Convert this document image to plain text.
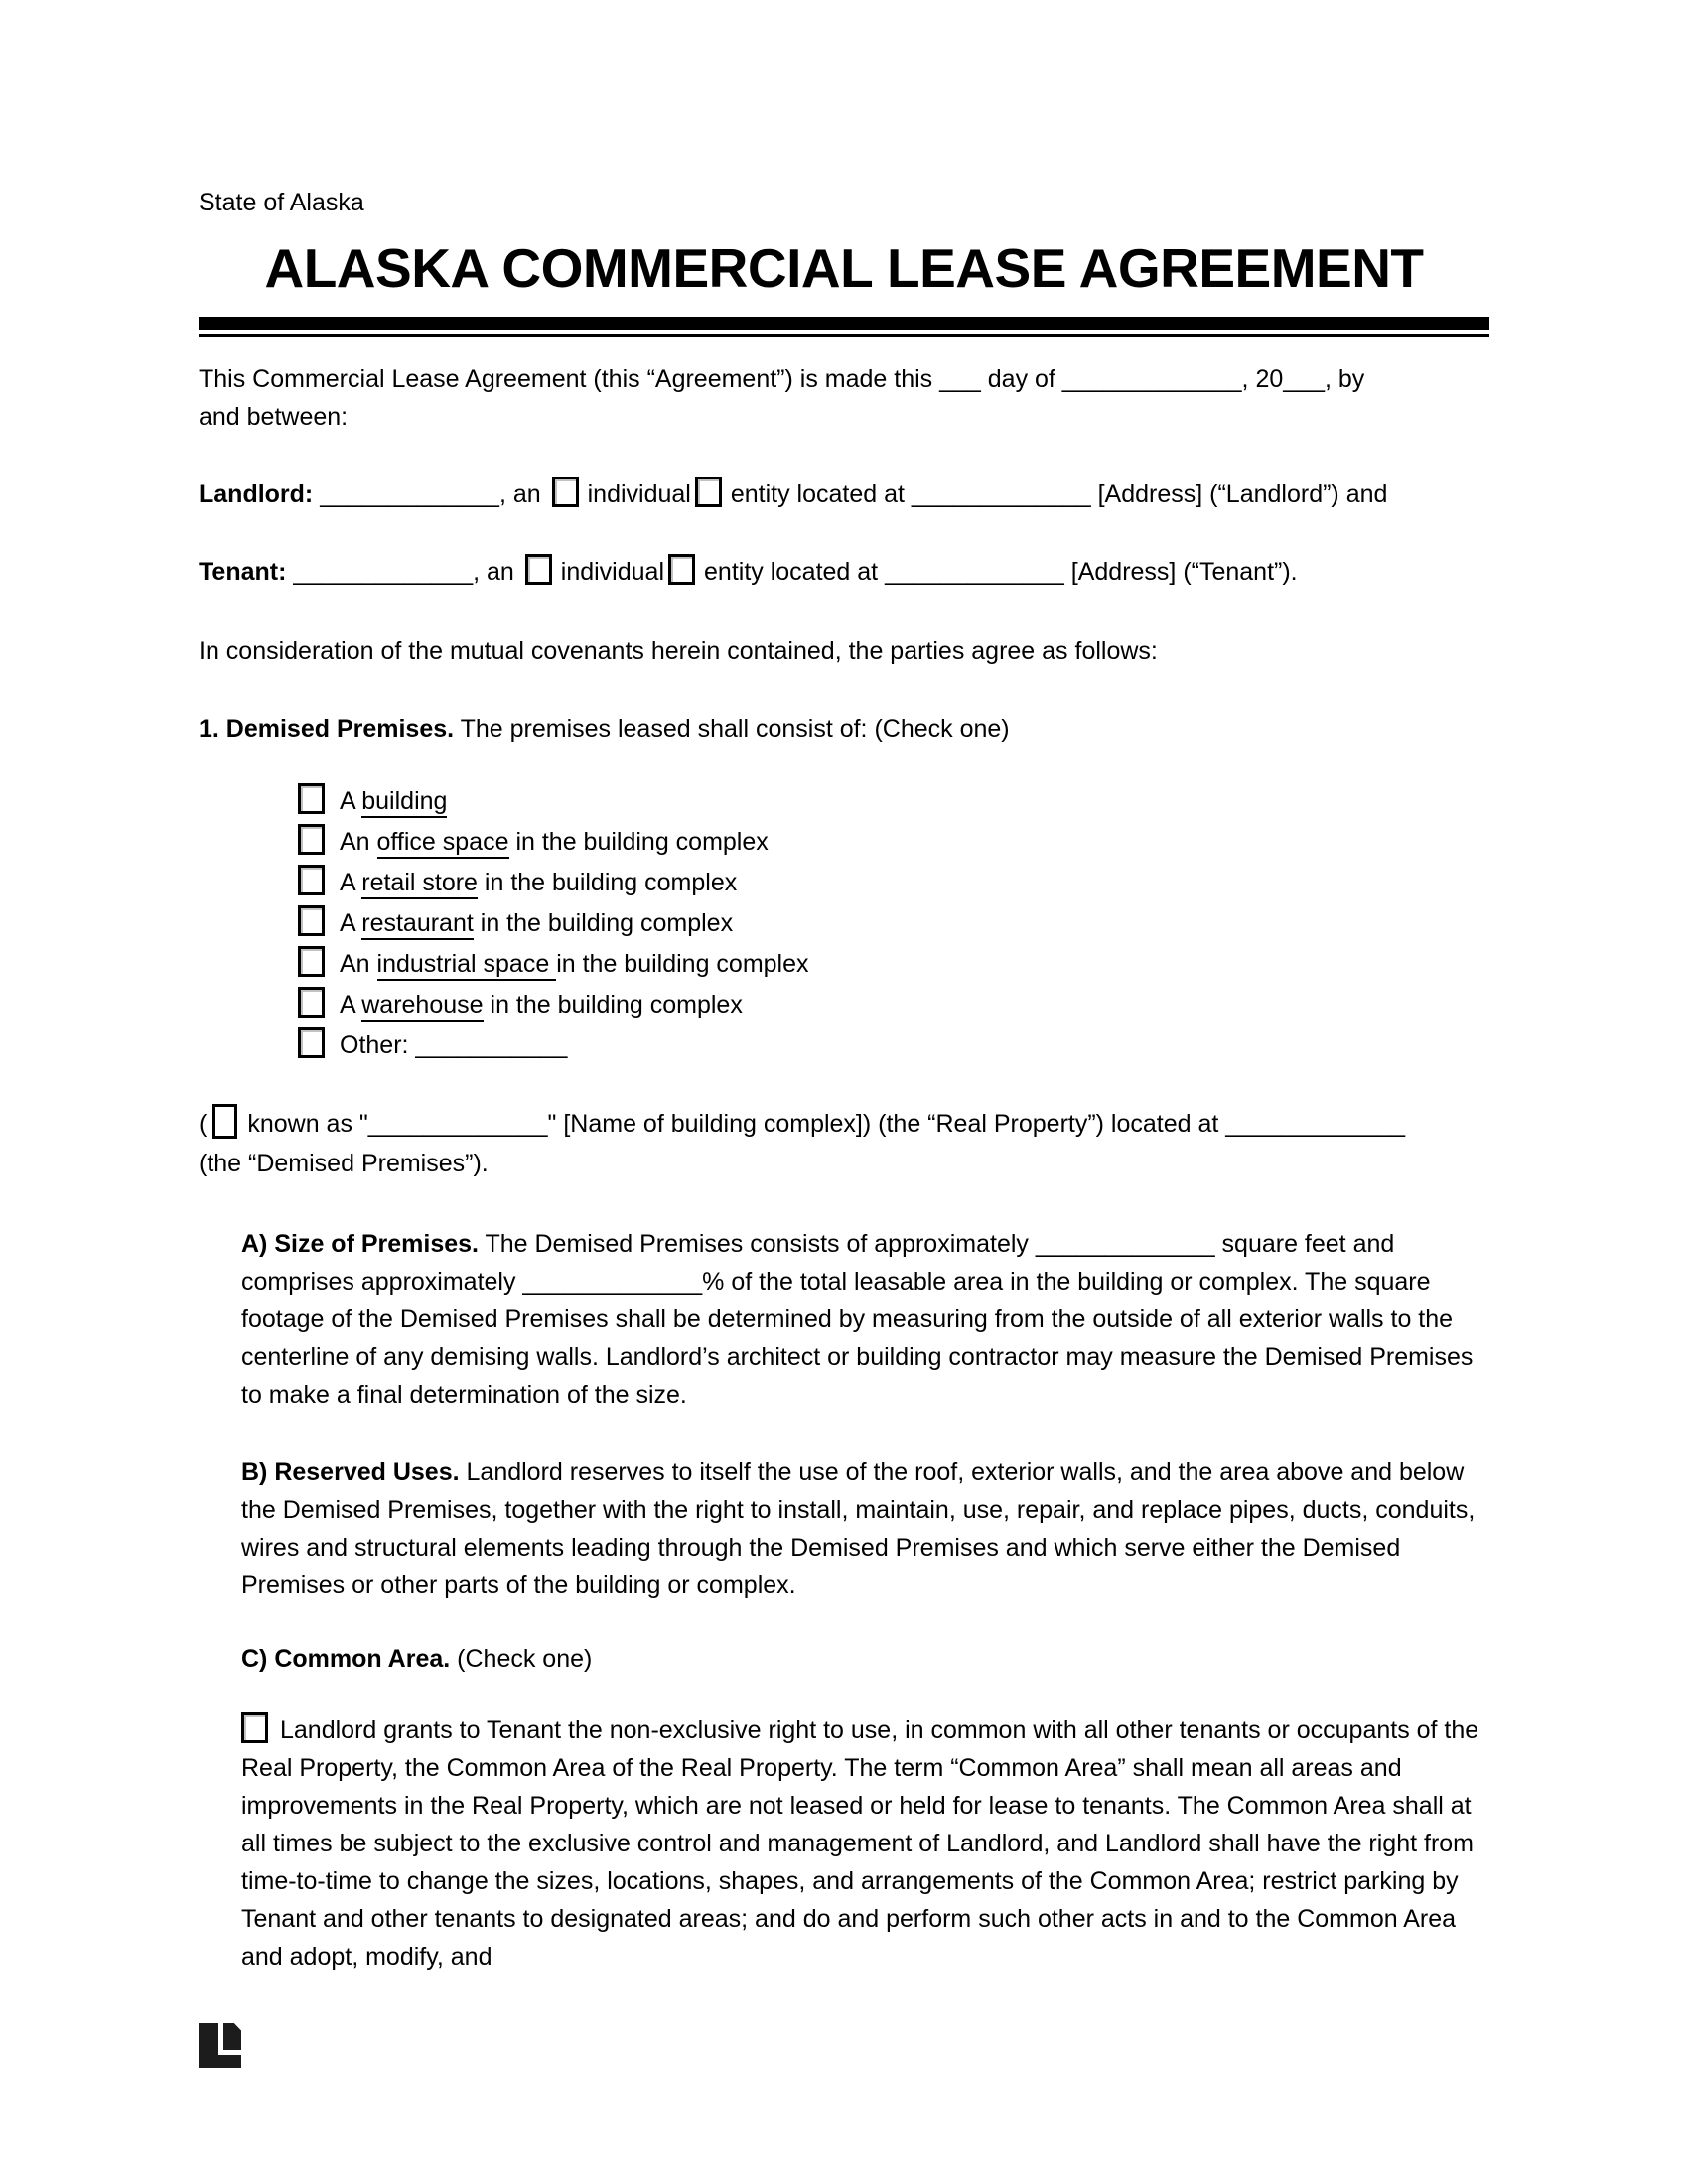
State of Alaska
ALASKA COMMERCIAL LEASE AGREEMENT

This Commercial Lease Agreement (this “Agreement”) is made this ___ day of _____________, 20___, by
and between:

Landlord: _____________, an individual entity located at _____________ [Address] (“Landlord”) and

Tenant: _____________, an individual entity located at _____________ [Address] (“Tenant”).

In consideration of the mutual covenants herein contained, the parties agree as follows:

1. Demised Premises. The premises leased shall consist of: (Check one)

A building
An office space in the building complex
A retail store in the building complex
A restaurant in the building complex
An industrial space in the building complex
A warehouse in the building complex
Other: ___________

( known as "_____________" [Name of building complex]) (the “Real Property”) located at _____________
(the “Demised Premises”).

A) Size of Premises. The Demised Premises consists of approximately _____________ square feet and comprises approximately _____________% of the total leasable area in the building or complex. The square footage of the Demised Premises shall be determined by measuring from the outside of all exterior walls to the centerline of any demising walls. Landlord’s architect or building contractor may measure the Demised Premises to make a final determination of the size.

B) Reserved Uses. Landlord reserves to itself the use of the roof, exterior walls, and the area above and below the Demised Premises, together with the right to install, maintain, use, repair, and replace pipes, ducts, conduits, wires and structural elements leading through the Demised Premises and which serve either the Demised Premises or other parts of the building or complex.

C) Common Area. (Check one)

Landlord grants to Tenant the non-exclusive right to use, in common with all other tenants or occupants of the Real Property, the Common Area of the Real Property. The term “Common Area” shall mean all areas and improvements in the Real Property, which are not leased or held for lease to tenants. The Common Area shall at all times be subject to the exclusive control and management of Landlord, and Landlord shall have the right from time-to-time to change the sizes, locations, shapes, and arrangements of the Common Area; restrict parking by Tenant and other tenants to designated areas; and do and perform such other acts in and to the Common Area and adopt, modify, and
